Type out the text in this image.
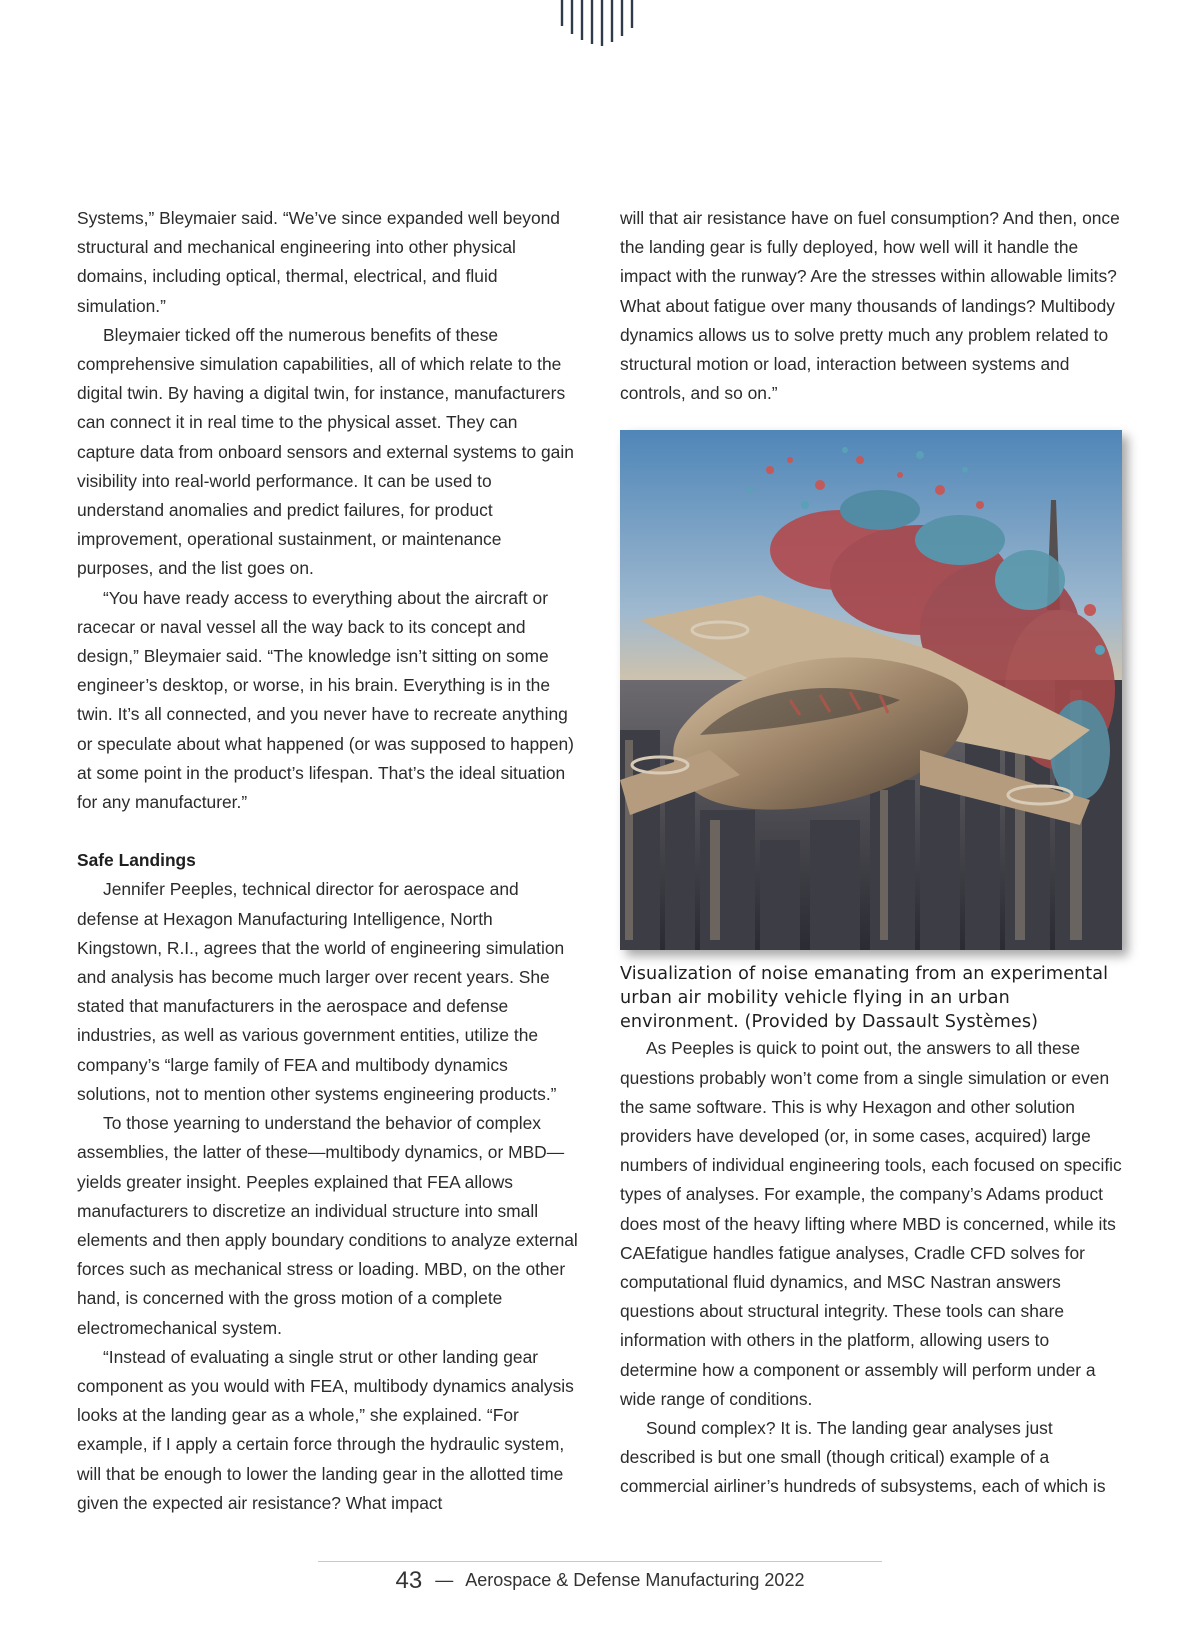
Systems,” Bleymaier said. “We’ve since expanded well beyond structural and mechanical engineering into other physical domains, including optical, thermal, electrical, and fluid simulation.”

Bleymaier ticked off the numerous benefits of these comprehensive simulation capabilities, all of which relate to the digital twin. By having a digital twin, for instance, manufacturers can connect it in real time to the physical asset. They can capture data from onboard sensors and external systems to gain visibility into real-world performance. It can be used to understand anomalies and predict failures, for product improvement, operational sustainment, or maintenance purposes, and the list goes on.

“You have ready access to everything about the aircraft or racecar or naval vessel all the way back to its concept and design,” Bleymaier said. “The knowledge isn’t sitting on some engineer’s desktop, or worse, in his brain. Everything is in the twin. It’s all connected, and you never have to recreate anything or speculate about what happened (or was supposed to happen) at some point in the product’s lifespan. That’s the ideal situation for any manufacturer.”

Safe Landings

Jennifer Peeples, technical director for aerospace and defense at Hexagon Manufacturing Intelligence, North Kingstown, R.I., agrees that the world of engineering simulation and analysis has become much larger over recent years. She stated that manufacturers in the aerospace and defense industries, as well as various government entities, utilize the company’s “large family of FEA and multibody dynamics solutions, not to mention other systems engineering products.”

To those yearning to understand the behavior of complex assemblies, the latter of these—multibody dynamics, or MBD—yields greater insight. Peeples explained that FEA allows manufacturers to discretize an individual structure into small elements and then apply boundary conditions to analyze external forces such as mechanical stress or loading. MBD, on the other hand, is concerned with the gross motion of a complete electromechanical system.

“Instead of evaluating a single strut or other landing gear component as you would with FEA, multibody dynamics analysis looks at the landing gear as a whole,” she explained. “For example, if I apply a certain force through the hydraulic system, will that be enough to lower the landing gear in the allotted time given the expected air resistance? What impact

will that air resistance have on fuel consumption? And then, once the landing gear is fully deployed, how well will it handle the impact with the runway? Are the stresses within allowable limits? What about fatigue over many thousands of landings? Multibody dynamics allows us to solve pretty much any problem related to structural motion or load, interaction between systems and controls, and so on.”

Visualization of noise emanating from an experimental urban air mobility vehicle flying in an urban environment. (Provided by Dassault Systèmes)

As Peeples is quick to point out, the answers to all these questions probably won’t come from a single simulation or even the same software. This is why Hexagon and other solution providers have developed (or, in some cases, acquired) large numbers of individual engineering tools, each focused on specific types of analyses. For example, the company’s Adams product does most of the heavy lifting where MBD is concerned, while its CAEfatigue handles fatigue analyses, Cradle CFD solves for computational fluid dynamics, and MSC Nastran answers questions about structural integrity. These tools can share information with others in the platform, allowing users to determine how a component or assembly will perform under a wide range of conditions.

Sound complex? It is. The landing gear analyses just described is but one small (though critical) example of a commercial airliner’s hundreds of subsystems, each of which is

43 — Aerospace & Defense Manufacturing 2022
